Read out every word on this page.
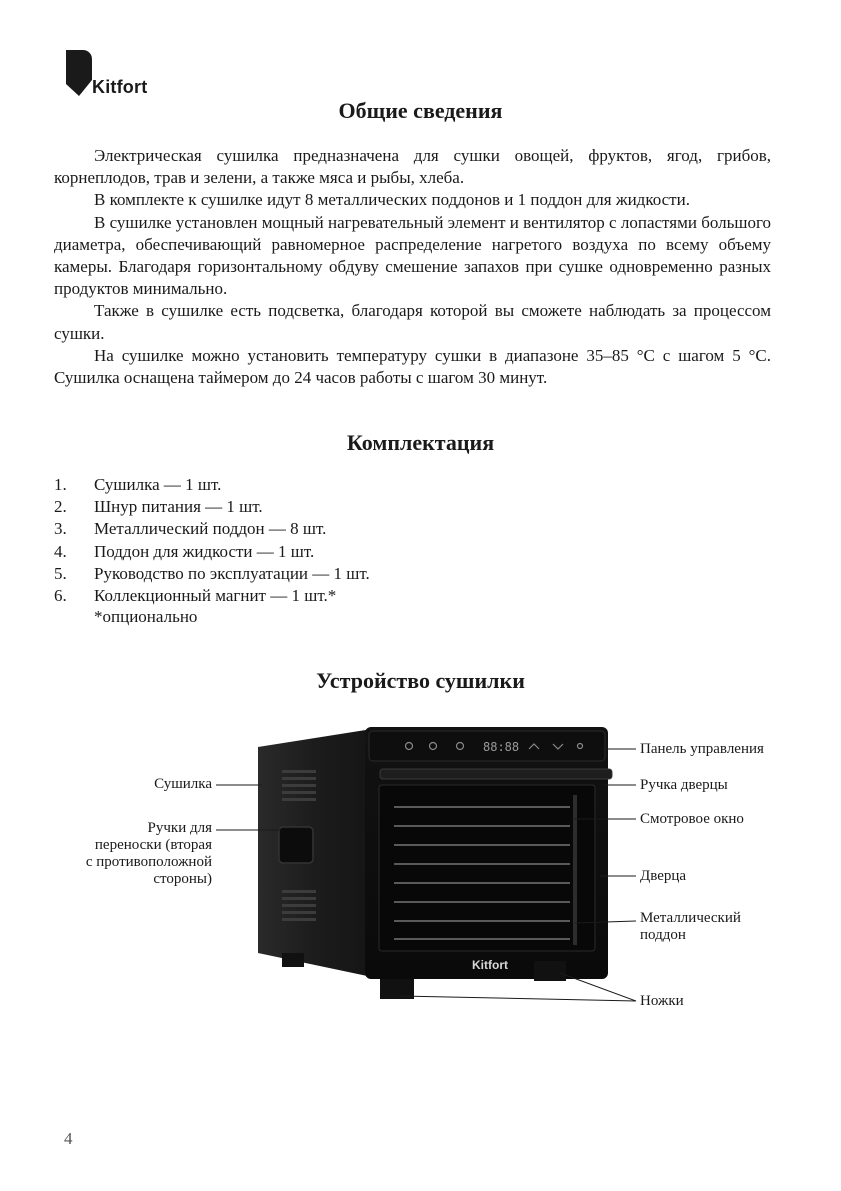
Kitfort
Общие сведения

Электрическая сушилка предназначена для сушки овощей, фруктов, ягод, грибов, корнеплодов, трав и зелени, а также мяса и рыбы, хлеба.

В комплекте к сушилке идут 8 металлических поддонов и 1 поддон для жидкости.

В сушилке установлен мощный нагревательный элемент и вентилятор с лопастями большого диаметра, обеспечивающий равномерное распределение нагретого воздуха по всему объему камеры. Благодаря горизонтальному обдуву смешение запахов при сушке одновременно разных продуктов минимально.

Также в сушилке есть подсветка, благодаря которой вы сможете наблюдать за процессом сушки.

На сушилке можно установить температуру сушки в диапазоне 35–85 °С с шагом 5 °С. Сушилка оснащена таймером до 24 часов работы с шагом 30 минут.

Комплектация
1. Сушилка — 1 шт.
2. Шнур питания — 1 шт.
3. Металлический поддон — 8 шт.
4. Поддон для жидкости — 1 шт.
5. Руководство по эксплуатации — 1 шт.
6. Коллекционный магнит — 1 шт.*
*опционально
Устройство сушилки
88:88
Kitfort
Сушилка
Ручки для
переноски (вторая
с противоположной
стороны)
Панель управления
Ручка дверцы
Смотровое окно
Дверца
Металлический
поддон
Ножки
4
